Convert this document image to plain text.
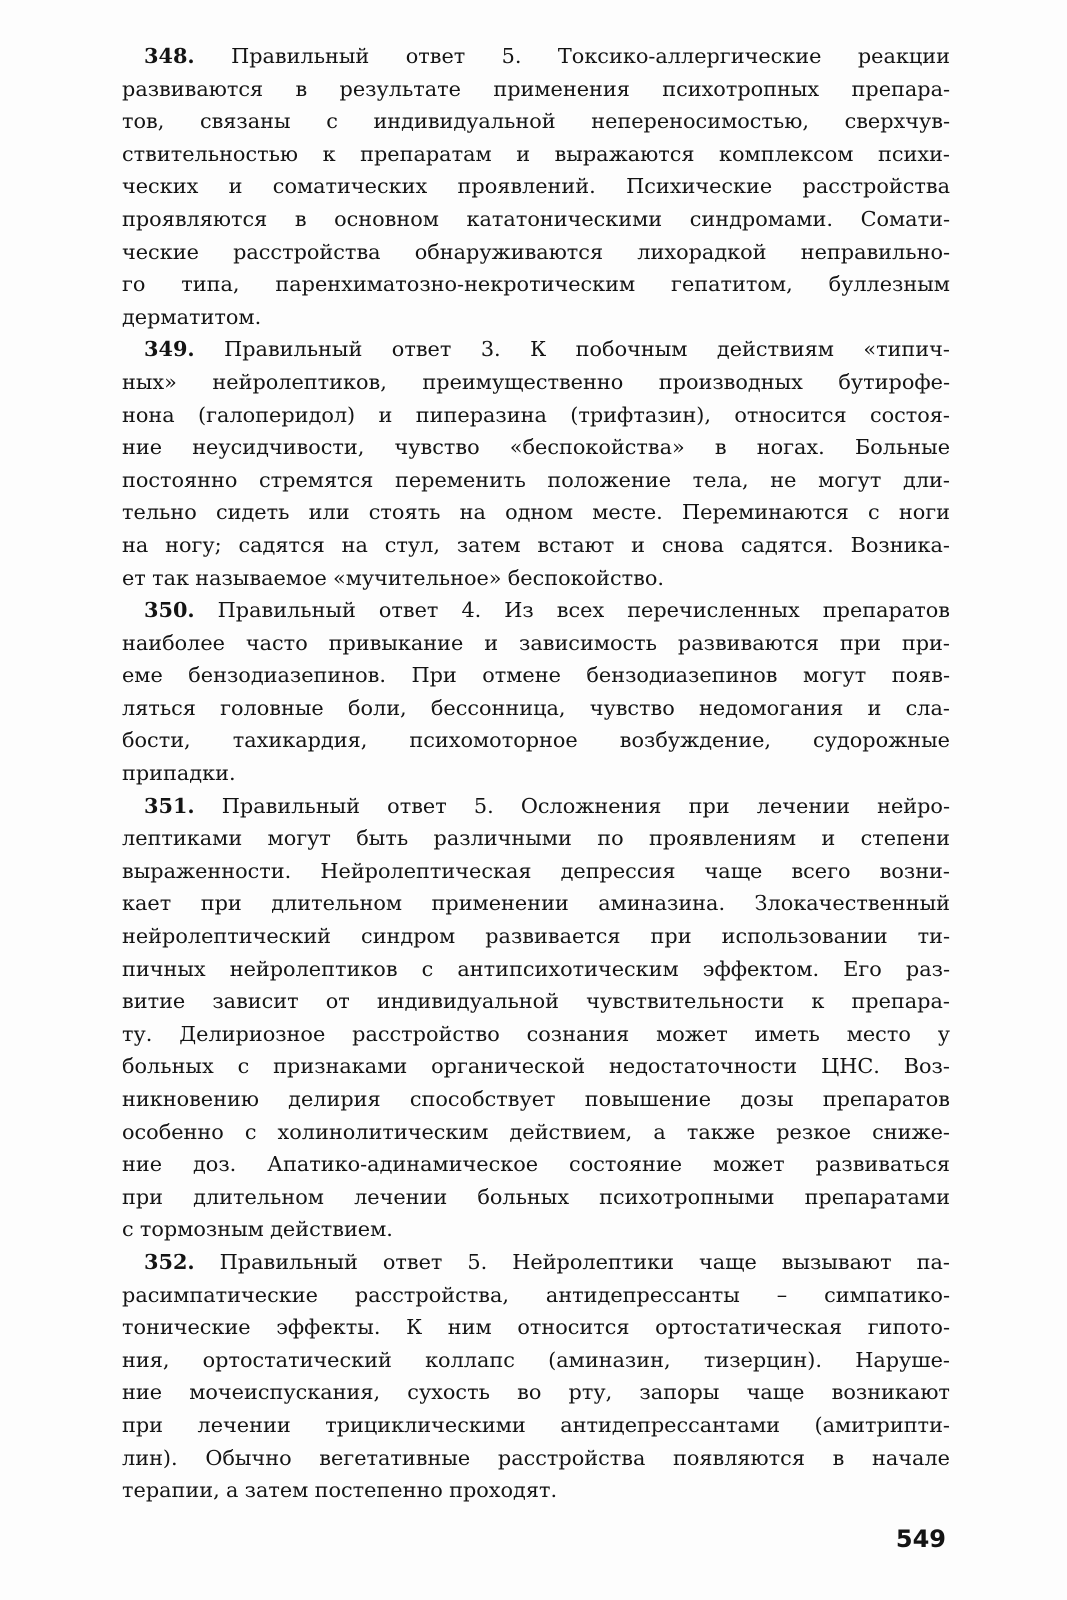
348. Правильный ответ 5. Токсико-аллергические реакции
развиваются в результате применения психотропных препара-
тов, связаны с индивидуальной непереносимостью, сверхчув-
ствительностью к препаратам и выражаются комплексом психи-
ческих и соматических проявлений. Психические расстройства
проявляются в основном кататоническими синдромами. Сомати-
ческие расстройства обнаруживаются лихорадкой неправильно-
го типа, паренхиматозно-некротическим гепатитом, буллезным
дерматитом.
349. Правильный ответ 3. К побочным действиям «типич-
ных» нейролептиков, преимущественно производных бутирофе-
нона (галоперидол) и пиперазина (трифтазин), относится состоя-
ние неусидчивости, чувство «беспокойства» в ногах. Больные
постоянно стремятся переменить положение тела, не могут дли-
тельно сидеть или стоять на одном месте. Переминаются с ноги
на ногу; садятся на стул, затем встают и снова садятся. Возника-
ет так называемое «мучительное» беспокойство.
350. Правильный ответ 4. Из всех перечисленных препаратов
наиболее часто привыкание и зависимость развиваются при при-
еме бензодиазепинов. При отмене бензодиазепинов могут появ-
ляться головные боли, бессонница, чувство недомогания и сла-
бости, тахикардия, психомоторное возбуждение, судорожные
припадки.
351. Правильный ответ 5. Осложнения при лечении нейро-
лептиками могут быть различными по проявлениям и степени
выраженности. Нейролептическая депрессия чаще всего возни-
кает при длительном применении аминазина. Злокачественный
нейролептический синдром развивается при использовании ти-
пичных нейролептиков с антипсихотическим эффектом. Его раз-
витие зависит от индивидуальной чувствительности к препара-
ту. Делириозное расстройство сознания может иметь место у
больных с признаками органической недостаточности ЦНС. Воз-
никновению делирия способствует повышение дозы препаратов
особенно с холинолитическим действием, а также резкое сниже-
ние доз. Апатико-адинамическое состояние может развиваться
при длительном лечении больных психотропными препаратами
с тормозным действием.
352. Правильный ответ 5. Нейролептики чаще вызывают па-
расимпатические расстройства, антидепрессанты – симпатико-
тонические эффекты. К ним относится ортостатическая гипото-
ния, ортостатический коллапс (аминазин, тизерцин). Наруше-
ние мочеиспускания, сухость во рту, запоры чаще возникают
при лечении трициклическими антидепрессантами (амитрипти-
лин). Обычно вегетативные расстройства появляются в начале
терапии, а затем постепенно проходят.
549
